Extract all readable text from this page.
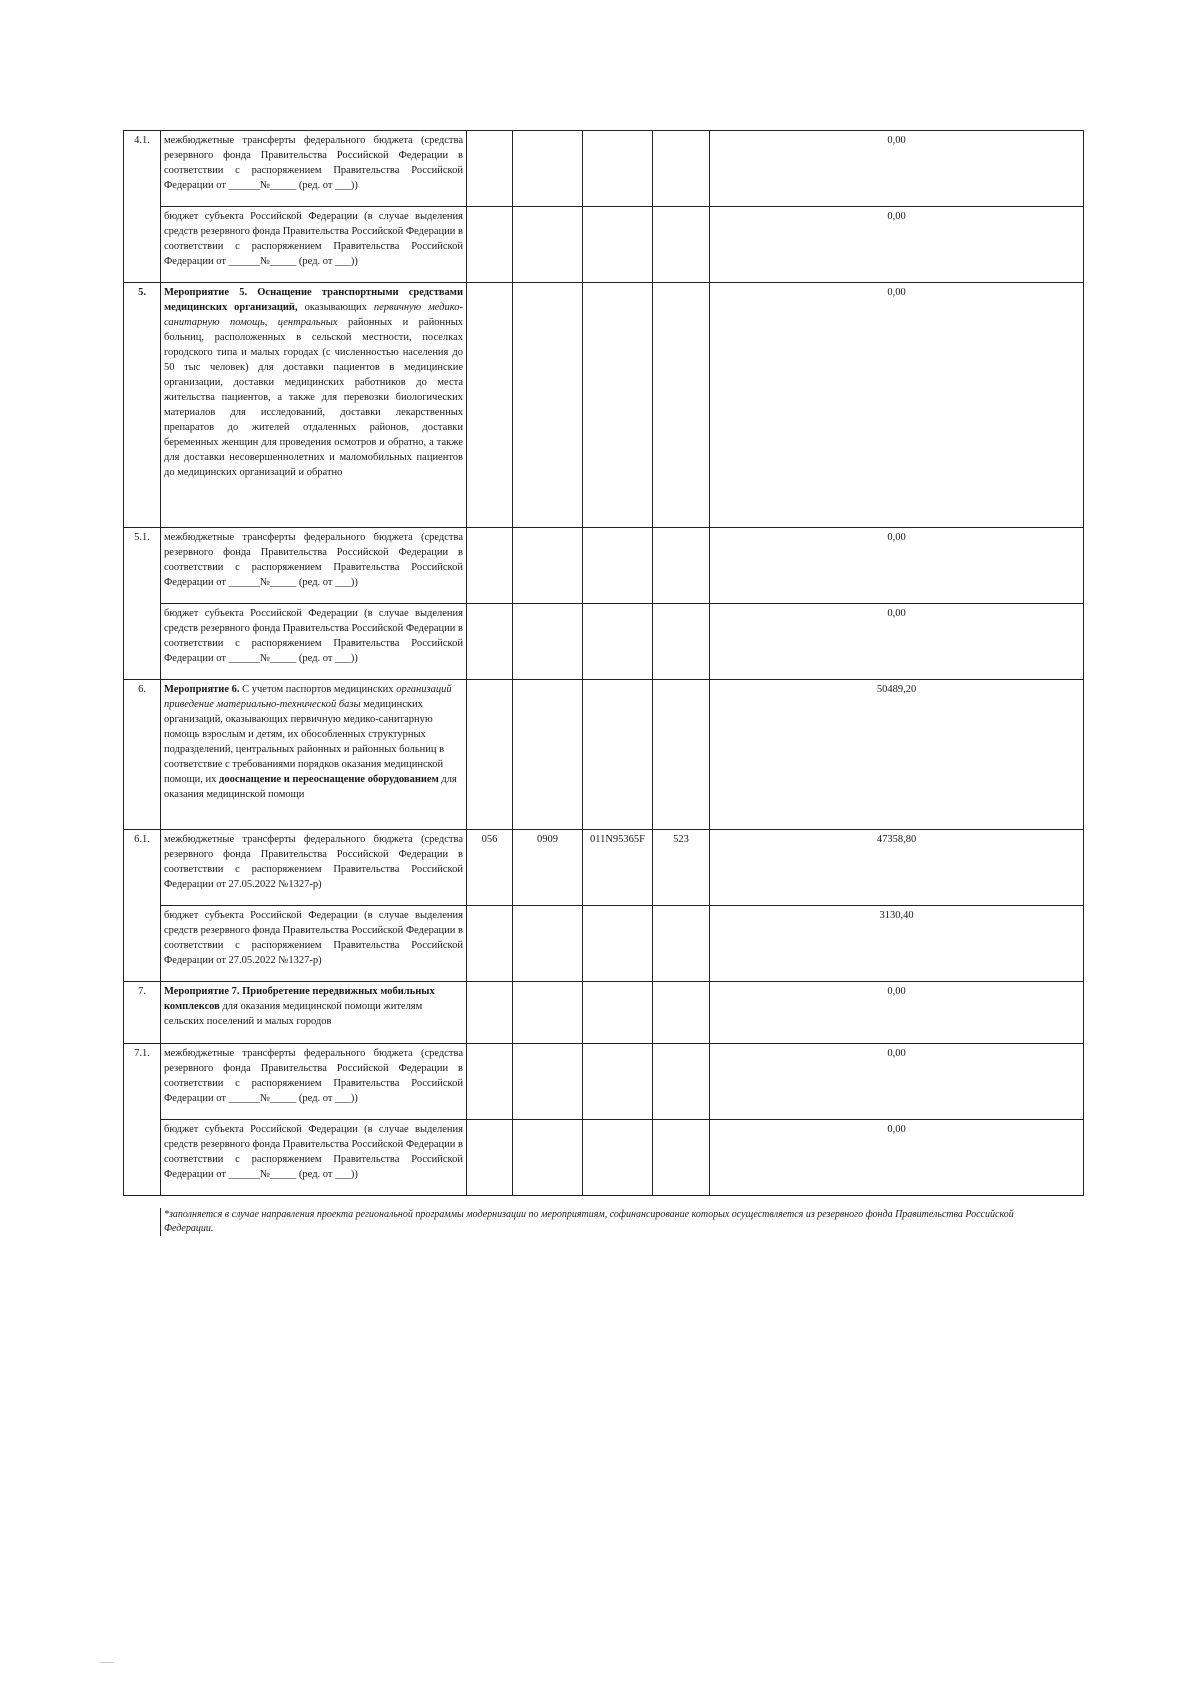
4.1.	межбюджетные трансферты федерального бюджета (средства резервного фонда Правительства Российской Федерации в соответствии с распоряжением Правительства Российской Федерации от ______№_____ (ред. от ___))					0,00
	бюджет субъекта Российской Федерации (в случае выделения средств резервного фонда Правительства Российской Федерации в соответствии с распоряжением Правительства Российской Федерации от ______№_____ (ред. от ___))					0,00
5.	Мероприятие 5. Оснащение транспортными средствами медицинских организаций, оказывающих первичную медико-санитарную помощь, центральных районных и районных больниц, расположенных в сельской местности, поселках городского типа и малых городах (с численностью населения до 50 тыс человек) для доставки пациентов в медицинские организации, доставки медицинских работников до места жительства пациентов, а также для перевозки биологических материалов для исследований, доставки лекарственных препаратов до жителей отдаленных районов, доставки беременных женщин для проведения осмотров и обратно, а также для доставки несовершеннолетних и маломобильных пациентов до медицинских организаций и обратно					0,00
5.1.	межбюджетные трансферты федерального бюджета (средства резервного фонда Правительства Российской Федерации в соответствии с распоряжением Правительства Российской Федерации от ______№_____ (ред. от ___))					0,00
	бюджет субъекта Российской Федерации (в случае выделения средств резервного фонда Правительства Российской Федерации в соответствии с распоряжением Правительства Российской Федерации от ______№_____ (ред. от ___))					0,00
6.	Мероприятие 6. С учетом паспортов медицинских организаций приведение материально-технической базы медицинских организаций, оказывающих первичную медико-санитарную помощь взрослым и детям, их обособленных структурных подразделений, центральных районных и районных больниц в соответствие с требованиями порядков оказания медицинской помощи, их дооснащение и переоснащение оборудованием для оказания медицинской помощи					50489,20
6.1.	межбюджетные трансферты федерального бюджета (средства резервного фонда Правительства Российской Федерации в соответствии с распоряжением Правительства Российской Федерации от 27.05.2022 №1327-р)	056	0909	011N95365F	523	47358,80
	бюджет субъекта Российской Федерации (в случае выделения средств резервного фонда Правительства Российской Федерации в соответствии с распоряжением Правительства Российской Федерации от 27.05.2022 №1327-р)					3130,40
7.	Мероприятие 7. Приобретение передвижных мобильных комплексов для оказания медицинской помощи жителям сельских поселений и малых городов					0,00
7.1.	межбюджетные трансферты федерального бюджета (средства резервного фонда Правительства Российской Федерации в соответствии с распоряжением Правительства Российской Федерации от ______№_____ (ред. от ___))					0,00
	бюджет субъекта Российской Федерации (в случае выделения средств резервного фонда Правительства Российской Федерации в соответствии с распоряжением Правительства Российской Федерации от ______№_____ (ред. от ___))					0,00
*заполняется в случае направления проекта региональной программы модернизации по мероприятиям, софинансирование которых осуществляется из резервного фонда Правительства Российской Федерации.
